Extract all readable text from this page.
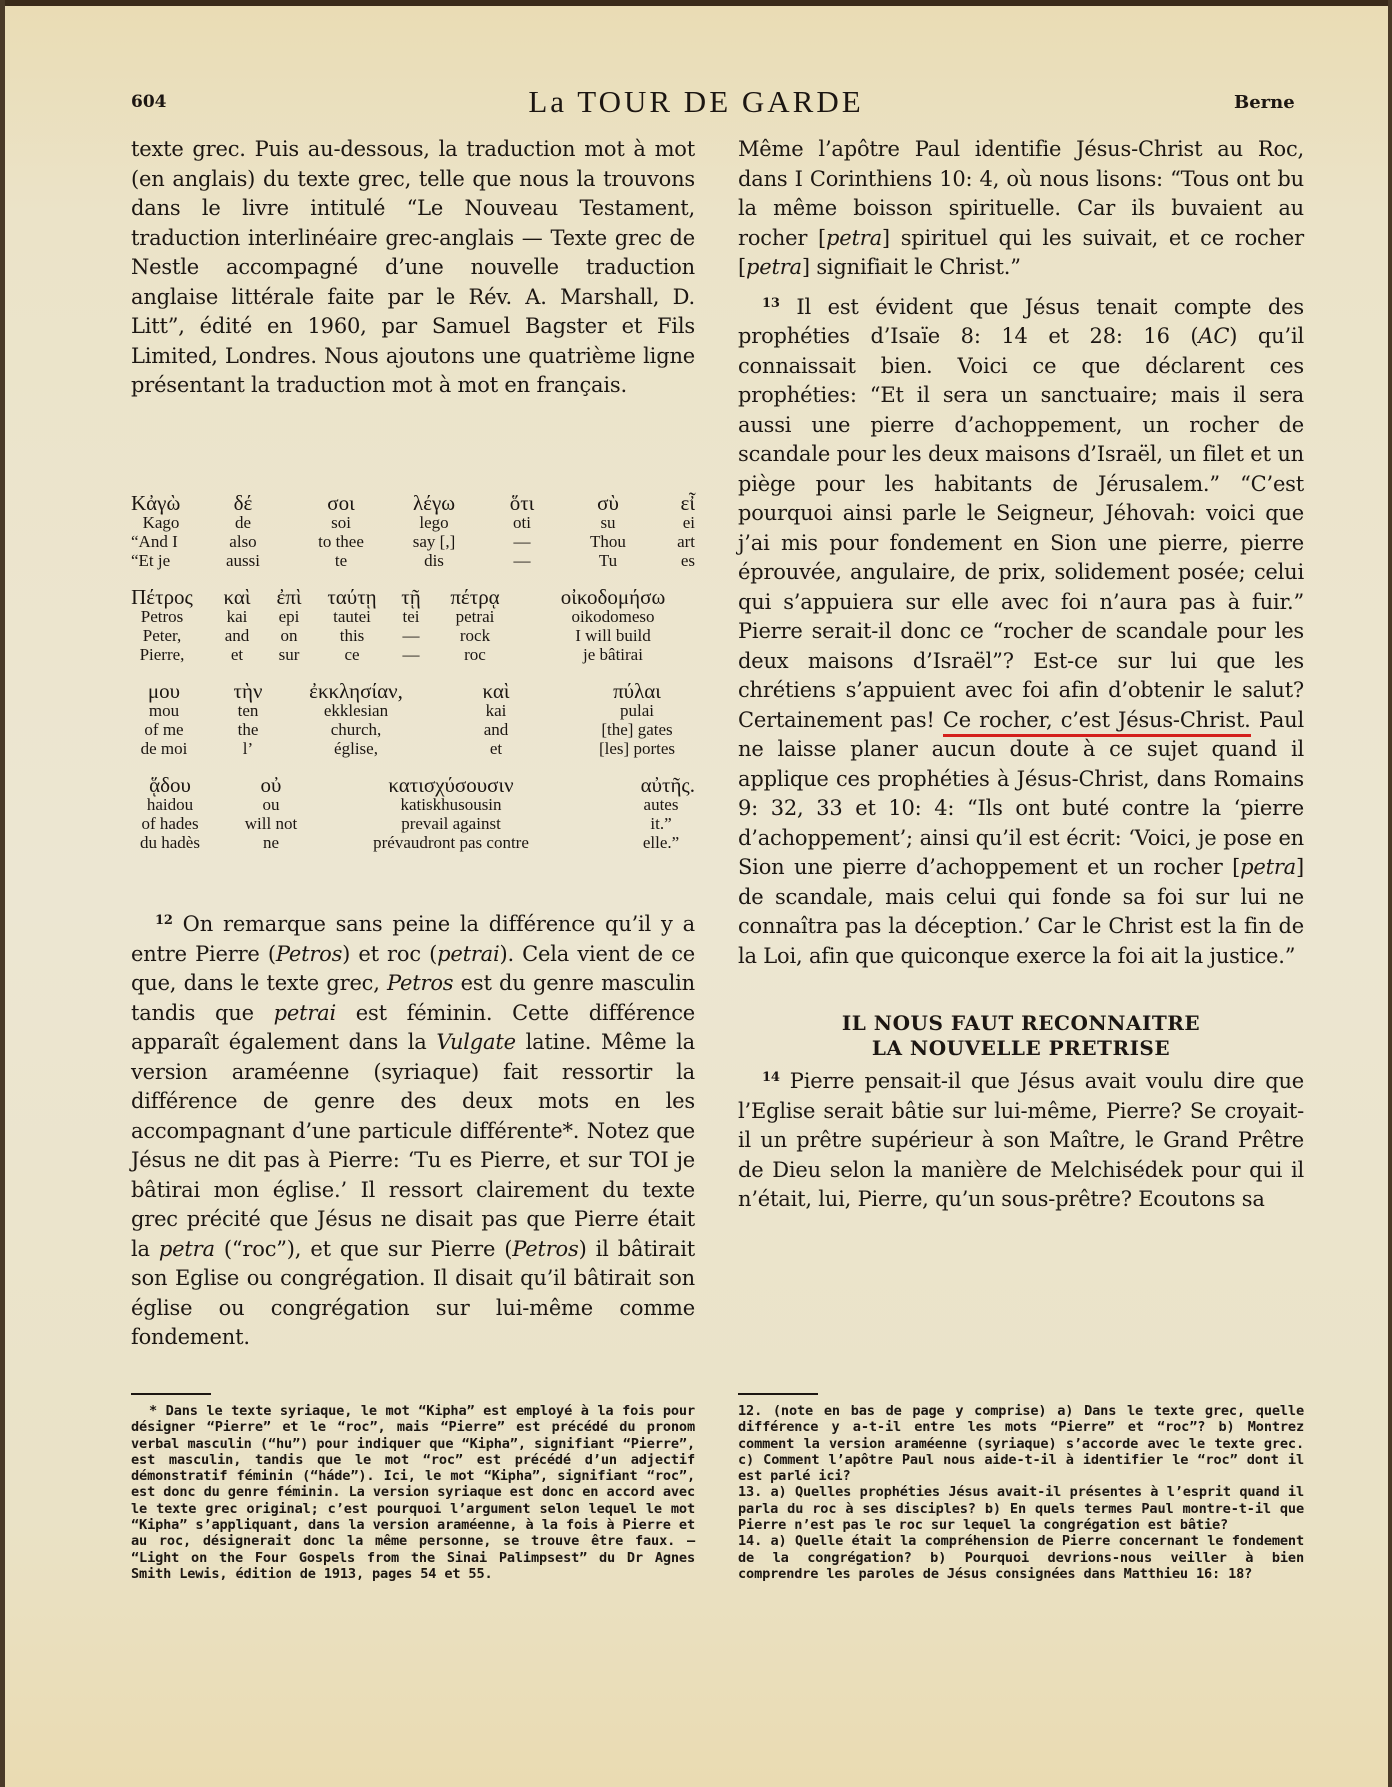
604	La TOUR DE GARDE	Berne

texte grec. Puis au-dessous, la traduction mot à mot (en anglais) du texte grec, telle que nous la trouvons dans le livre intitulé “Le Nouveau Testament, traduction interlinéaire grec-anglais — Texte grec de Nestle accompagné d’une nouvelle traduction anglaise littérale faite par le Rév. A. Marshall, D. Litt”, édité en 1960, par Samuel Bagster et Fils Limited, Londres. Nous ajoutons une quatrième ligne présentant la traduction mot à mot en français.

Κἀγὼ
Kago
“And I
“Et je
δέ
de
also
aussi
σοι
soi
to thee
te
λέγω
lego
say [,]
dis
ὅτι
oti
—
—
σὺ
su
Thou
Tu
εἶ
ei
art
es
Πέτρος
Petros
Peter,
Pierre,
καὶ
kai
and
et
ἐπὶ
epi
on
sur
ταύτῃ
tautei
this
ce
τῇ
tei
—
—
πέτρᾳ
petrai
rock
roc
οἰκοδομήσω
oikodomeso
I will build
je bâtirai
μου
mou
of me
de moi
τὴν
ten
the
l’
ἐκκλησίαν,
ekklesian
church,
église,
καὶ
kai
and
et
πύλαι
pulai
[the] gates
[les] portes
ᾅδου
haidou
of hades
du hadès
οὐ
ou
will not
ne
κατισχύσουσιν
katiskhusousin
prevail against
prévaudront pas contre
αὐτῆς.
autes
it.”
elle.”

$^{12}$ On remarque sans peine la différence qu’il y a entre Pierre (Petros) et roc (petrai). Cela vient de ce que, dans le texte grec, Petros est du genre masculin tandis que petrai est féminin. Cette différence apparaît également dans la Vulgate latine. Même la version araméenne (syriaque) fait ressortir la différence de genre des deux mots en les accompagnant d’une particule différente*. Notez que Jésus ne dit pas à Pierre: ‘Tu es Pierre, et sur TOI je bâtirai mon église.’ Il ressort clairement du texte grec précité que Jésus ne disait pas que Pierre était la petra (“roc”), et que sur Pierre (Petros) il bâtirait son Eglise ou congrégation. Il disait qu’il bâtirait son église ou congrégation sur lui-même comme fondement.

* Dans le texte syriaque, le mot “Kipha” est employé à la fois pour désigner “Pierre” et le “roc”, mais “Pierre” est précédé du pronom verbal masculin (“hu”) pour indiquer que “Kipha”, signifiant “Pierre”, est masculin, tandis que le mot “roc” est précédé d’un adjectif démonstratif féminin (“háde”). Ici, le mot “Kipha”, signifiant “roc”, est donc du genre féminin. La version syriaque est donc en accord avec le texte grec original; c’est pourquoi l’argument selon lequel le mot “Kipha” s’appliquant, dans la version araméenne, à la fois à Pierre et au roc, désignerait donc la même personne, se trouve être faux. — “Light on the Four Gospels from the Sinai Palimpsest” du Dr Agnes Smith Lewis, édition de 1913, pages 54 et 55.

Même l’apôtre Paul identifie Jésus-Christ au Roc, dans I Corinthiens 10: 4, où nous lisons: “Tous ont bu la même boisson spirituelle. Car ils buvaient au rocher [petra] spirituel qui les suivait, et ce rocher [petra] signifiait le Christ.”

$^{13}$ Il est évident que Jésus tenait compte des prophéties d’Isaïe 8: 14 et 28: 16 (AC) qu’il connaissait bien. Voici ce que déclarent ces prophéties: “Et il sera un sanctuaire; mais il sera aussi une pierre d’achoppement, un rocher de scandale pour les deux maisons d’Israël, un filet et un piège pour les habitants de Jérusalem.” “C’est pourquoi ainsi parle le Seigneur, Jéhovah: voici que j’ai mis pour fondement en Sion une pierre, pierre éprouvée, angulaire, de prix, solidement posée; celui qui s’appuiera sur elle avec foi n’aura pas à fuir.” Pierre serait-il donc ce “rocher de scandale pour les deux maisons d’Israël”? Est-ce sur lui que les chrétiens s’appuient avec foi afin d’obtenir le salut? Certainement pas! Ce rocher, c’est Jésus-Christ. Paul ne laisse planer aucun doute à ce sujet quand il applique ces prophéties à Jésus-Christ, dans Romains 9: 32, 33 et 10: 4: “Ils ont buté contre la ‘pierre d’achoppement’; ainsi qu’il est écrit: ‘Voici, je pose en Sion une pierre d’achoppement et un rocher [petra] de scandale, mais celui qui fonde sa foi sur lui ne connaîtra pas la déception.’ Car le Christ est la fin de la Loi, afin que quiconque exerce la foi ait la justice.”

IL NOUS FAUT RECONNAITRE

LA NOUVELLE PRETRISE

$^{14}$ Pierre pensait-il que Jésus avait voulu dire que l’Eglise serait bâtie sur lui-même, Pierre? Se croyait-il un prêtre supérieur à son Maître, le Grand Prêtre de Dieu selon la manière de Melchisédek pour qui il n’était, lui, Pierre, qu’un sous-prêtre? Ecoutons sa

12. (note en bas de page y comprise) a) Dans le texte grec, quelle différence y a-t-il entre les mots “Pierre” et “roc”? b) Montrez comment la version araméenne (syriaque) s’accorde avec le texte grec. c) Comment l’apôtre Paul nous aide-t-il à identifier le “roc” dont il est parlé ici?

13. a) Quelles prophéties Jésus avait-il présentes à l’esprit quand il parla du roc à ses disciples? b) En quels termes Paul montre-t-il que Pierre n’est pas le roc sur lequel la congrégation est bâtie?

14. a) Quelle était la compréhension de Pierre concernant le fondement de la congrégation? b) Pourquoi devrions-nous veiller à bien comprendre les paroles de Jésus consignées dans Matthieu 16: 18?
